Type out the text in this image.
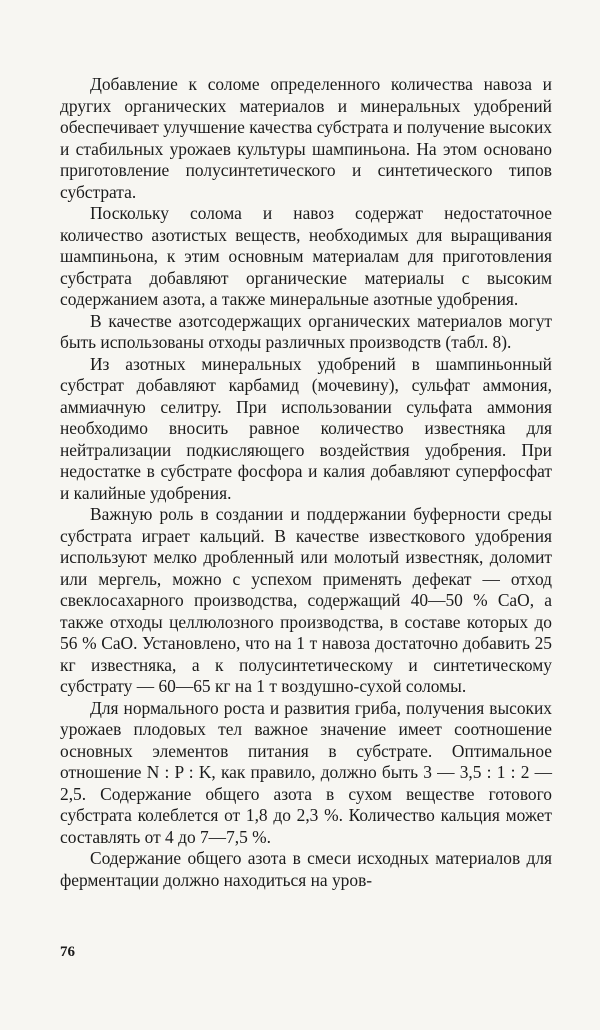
Добавление к соломе определенного количества навоза и других органических материалов и минеральных удобрений обеспечивает улучшение качества субстрата и получение высоких и стабильных урожаев культуры шампиньона. На этом основано приготовление полусинтетического и синтетического типов субстрата.

Поскольку солома и навоз содержат недостаточное количество азотистых веществ, необходимых для выращивания шампиньона, к этим основным материалам для приготовления субстрата добавляют органические материалы с высоким содержанием азота, а также минеральные азотные удобрения.

В качестве азотсодержащих органических материалов могут быть использованы отходы различных производств (табл. 8).

Из азотных минеральных удобрений в шампиньонный субстрат добавляют карбамид (мочевину), сульфат аммония, аммиачную селитру. При использовании сульфата аммония необходимо вносить равное количество известняка для нейтрализации подкисляющего воздействия удобрения. При недостатке в субстрате фосфора и калия добавляют суперфосфат и калийные удобрения.

Важную роль в создании и поддержании буферности среды субстрата играет кальций. В качестве известкового удобрения используют мелко дробленный или молотый известняк, доломит или мергель, можно с успехом применять дефекат — отход свеклосахарного производства, содержащий 40—50 % CaO, а также отходы целлюлозного производства, в составе которых до 56 % CaO. Установлено, что на 1 т навоза достаточно добавить 25 кг известняка, а к полусинтетическому и синтетическому субстрату — 60—65 кг на 1 т воздушно-сухой соломы.

Для нормального роста и развития гриба, получения высоких урожаев плодовых тел важное значение имеет соотношение основных элементов питания в субстрате. Оптимальное отношение N : P : K, как правило, должно быть 3 — 3,5 : 1 : 2 — 2,5. Содержание общего азота в сухом веществе готового субстрата колеблется от 1,8 до 2,3 %. Количество кальция может составлять от 4 до 7—7,5 %.

Содержание общего азота в смеси исходных материалов для ферментации должно находиться на уров-

76
